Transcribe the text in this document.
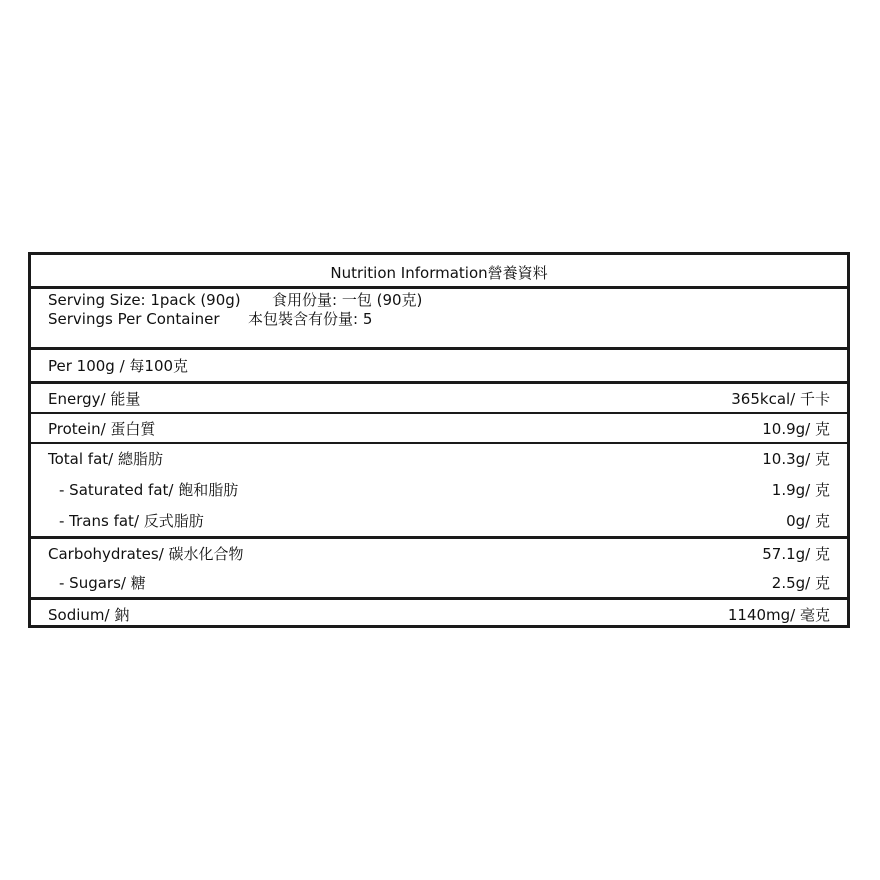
Nutrition Information營養資料
Serving Size: 1pack (90g) 食用份量: 一包 (90克)
Servings Per Container 本包裝含有份量: 5
Per 100g / 每100克
Energy/ 能量	365kcal/ 千卡
Protein/ 蛋白質	10.9g/ 克
Total fat/ 總脂肪	10.3g/ 克
- Saturated fat/ 飽和脂肪	1.9g/ 克
- Trans fat/ 反式脂肪	0g/ 克
Carbohydrates/ 碳水化合物	57.1g/ 克
- Sugars/ 糖	2.5g/ 克
Sodium/ 鈉	1140mg/ 毫克
